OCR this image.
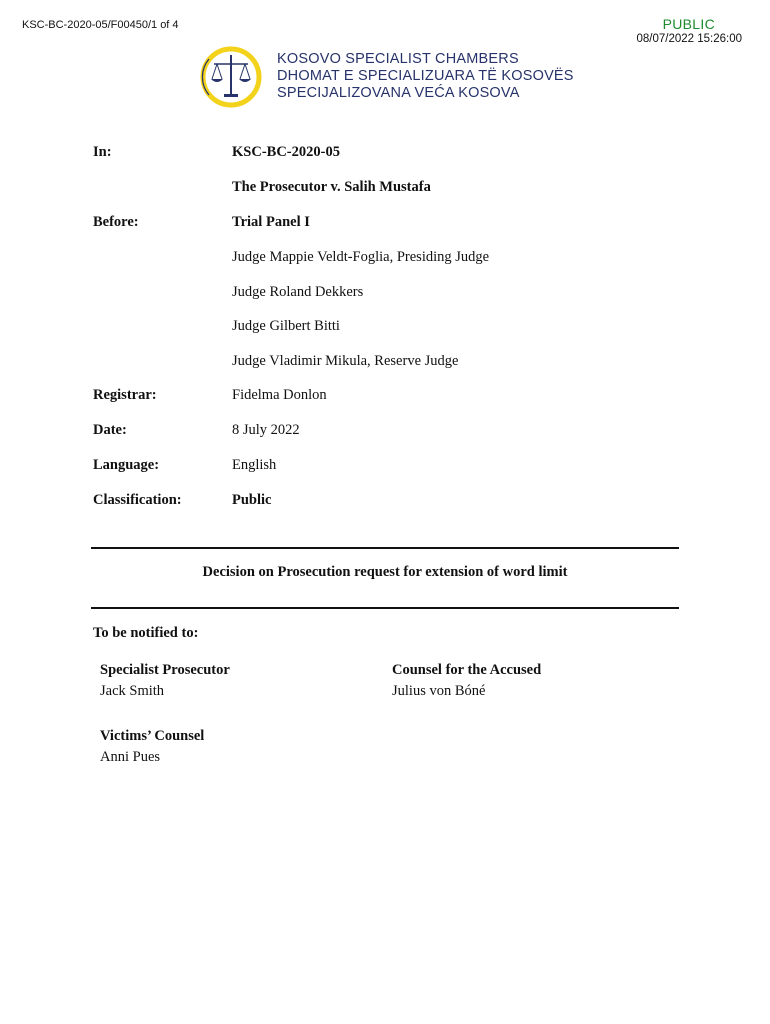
KSC-BC-2020-05/F00450/1 of 4	PUBLIC
08/07/2022 15:26:00
KOSOVO SPECIALIST CHAMBERS
DHOMAT E SPECIALIZUARA TË KOSOVËS
SPECIJALIZOVANA VEĆA KOSOVA
In:	KSC-BC-2020-05
The Prosecutor v. Salih Mustafa
Before:	Trial Panel I
Judge Mappie Veldt-Foglia, Presiding Judge
Judge Roland Dekkers
Judge Gilbert Bitti
Judge Vladimir Mikula, Reserve Judge
Registrar:	Fidelma Donlon
Date:	8 July 2022
Language:	English
Classification:	Public
Decision on Prosecution request for extension of word limit
To be notified to:
Specialist Prosecutor
Jack Smith
Counsel for the Accused
Julius von Bóné
Victims’ Counsel
Anni Pues
